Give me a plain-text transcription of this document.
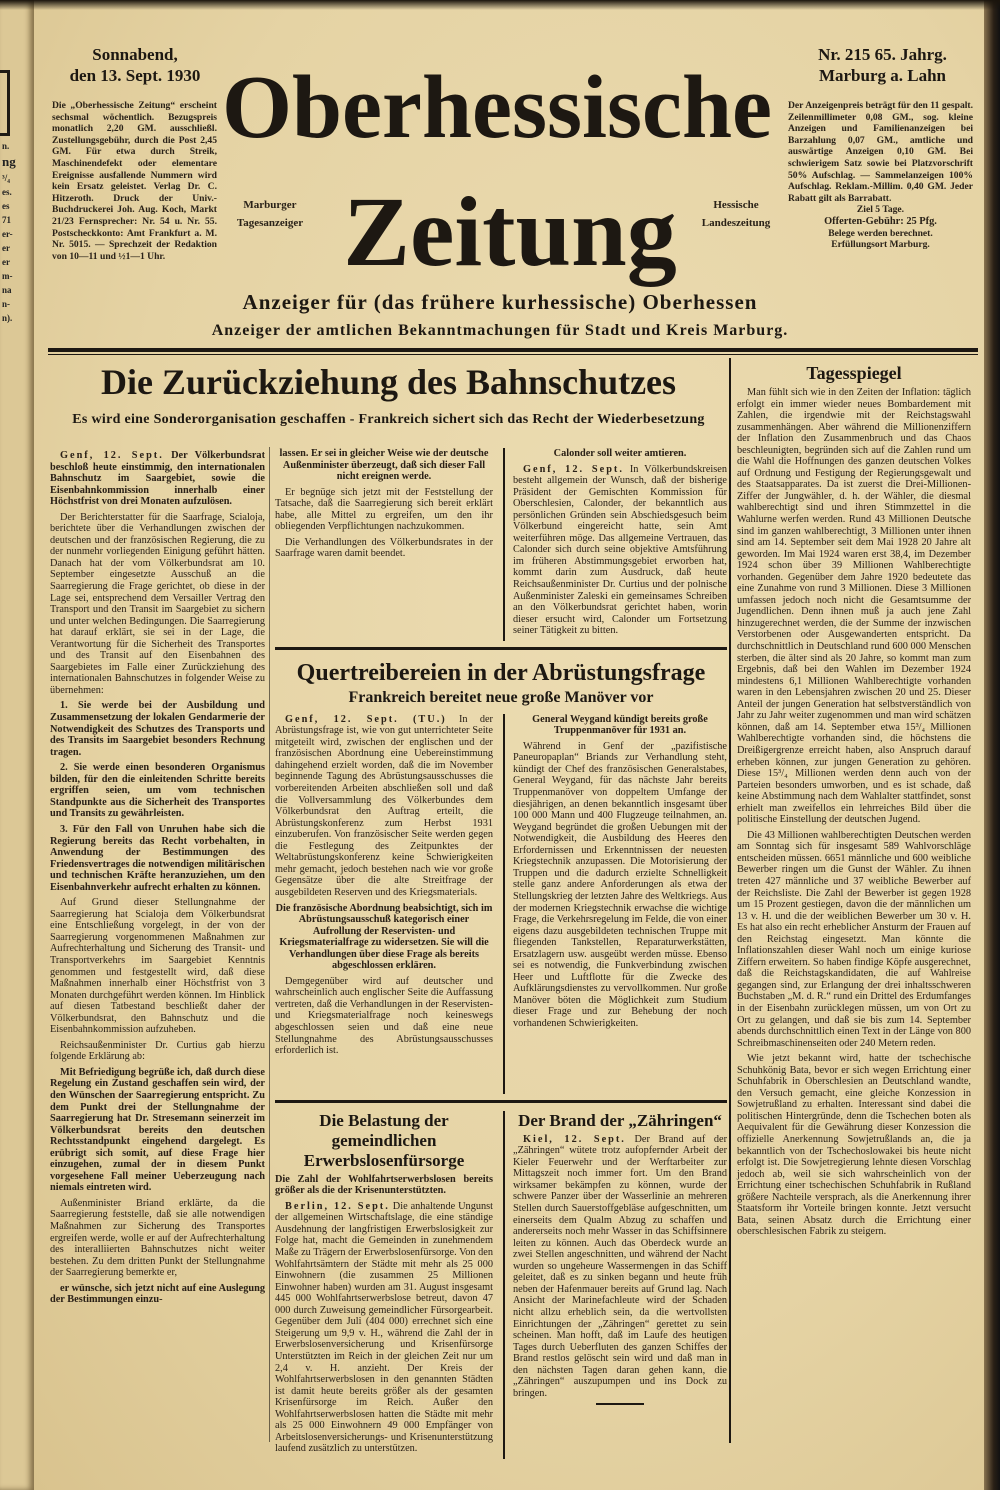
n.
ng
³/₄
es.
es
71
er-
er
er
m-
na
n-
n).
Sonnabend,
den 13. Sept. 1930
Die „Oberhessische Zeitung“ erscheint sechsmal wöchentlich. Bezugspreis monatlich 2,20 GM. ausschließl. Zustellungsgebühr, durch die Post 2,45 GM. Für etwa durch Streik, Maschinendefekt oder elementare Ereignisse ausfallende Nummern wird kein Ersatz geleistet. Verlag Dr. C. Hitzeroth. Druck der Univ.-Buchdruckerei Joh. Aug. Koch, Markt 21/23 Fernsprecher: Nr. 54 u. Nr. 55. Postscheckkonto: Amt Frankfurt a. M. Nr. 5015. — Sprechzeit der Redaktion von 10—11 und ½1—1 Uhr.
Oberhessische
Zeitung
Marburger
Tagesanzeiger
Hessische
Landeszeitung
Nr. 215 65. Jahrg.
Marburg a. Lahn

Der Anzeigenpreis beträgt für den 11 gespalt. Zeilenmillimeter 0,08 GM., sog. kleine Anzeigen und Familienanzeigen bei Barzahlung 0,07 GM., amtliche und auswärtige Anzeigen 0,10 GM. Bei schwierigem Satz sowie bei Platzvorschrift 50% Aufschlag. — Sammelanzeigen 100% Aufschlag. Reklam.-Millim. 0,40 GM. Jeder Rabatt gilt als Barrabatt.

Ziel 5 Tage.

Offerten-Gebühr: 25 Pfg.

Belege werden berechnet.

Erfüllungsort Marburg.

Anzeiger für (das frühere kurhessische) Oberhessen
Anzeiger der amtlichen Bekanntmachungen für Stadt und Kreis Marburg.
Die Zurückziehung des Bahnschutzes
Es wird eine Sonderorganisation geschaffen - Frankreich sichert sich das Recht der Wiederbesetzung

Genf, 12. Sept. Der Völkerbundsrat beschloß heute einstimmig, den internationalen Bahnschutz im Saargebiet, sowie die Eisenbahnkommission innerhalb einer Höchstfrist von drei Monaten aufzulösen.

Der Berichterstatter für die Saarfrage, Scialoja, berichtete über die Verhandlungen zwischen der deutschen und der französischen Regierung, die zu der nunmehr vorliegenden Einigung geführt hätten. Danach hat der vom Völkerbundsrat am 10. September eingesetzte Ausschuß an die Saarregierung die Frage gerichtet, ob diese in der Lage sei, entsprechend dem Versailler Vertrag den Transport und den Transit im Saargebiet zu sichern und unter welchen Bedingungen. Die Saarregierung hat darauf erklärt, sie sei in der Lage, die Verantwortung für die Sicherheit des Transportes und des Transit auf den Eisenbahnen des Saargebietes im Falle einer Zurückziehung des internationalen Bahnschutzes in folgender Weise zu übernehmen:

1. Sie werde bei der Ausbildung und Zusammensetzung der lokalen Gendarmerie der Notwendigkeit des Schutzes des Transports und des Transits im Saargebiet besonders Rechnung tragen.

2. Sie werde einen besonderen Organismus bilden, für den die einleitenden Schritte bereits ergriffen seien, um vom technischen Standpunkte aus die Sicherheit des Transportes und Transits zu gewährleisten.

3. Für den Fall von Unruhen habe sich die Regierung bereits das Recht vorbehalten, in Anwendung der Bestimmungen des Friedensvertrages die notwendigen militärischen und technischen Kräfte heranzuziehen, um den Eisenbahnverkehr aufrecht erhalten zu können.

Auf Grund dieser Stellungnahme der Saarregierung hat Scialoja dem Völkerbundsrat eine Entschließung vorgelegt, in der von der Saarregierung vorgenommenen Maßnahmen zur Aufrechterhaltung und Sicherung des Transit- und Transportverkehrs im Saargebiet Kenntnis genommen und festgestellt wird, daß diese Maßnahmen innerhalb einer Höchstfrist von 3 Monaten durchgeführt werden können. Im Hinblick auf diesen Tatbestand beschließt daher der Völkerbundsrat, den Bahnschutz und die Eisenbahnkommission aufzuheben.

Reichsaußenminister Dr. Curtius gab hierzu folgende Erklärung ab:

Mit Befriedigung begrüße ich, daß durch diese Regelung ein Zustand geschaffen sein wird, der den Wünschen der Saarregierung entspricht. Zu dem Punkt drei der Stellungnahme der Saarregierung hat Dr. Stresemann seinerzeit im Völkerbundsrat bereits den deutschen Rechtsstandpunkt eingehend dargelegt. Es erübrigt sich somit, auf diese Frage hier einzugehen, zumal der in diesem Punkt vorgesehene Fall meiner Ueberzeugung nach niemals eintreten wird.

Außenminister Briand erklärte, da die Saarregierung feststelle, daß sie alle notwendigen Maßnahmen zur Sicherung des Transportes ergreifen werde, wolle er auf der Aufrechterhaltung des interalliierten Bahnschutzes nicht weiter bestehen. Zu dem dritten Punkt der Stellungnahme der Saarregierung bemerkte er,

er wünsche, sich jetzt nicht auf eine Auslegung der Bestimmungen einzu-

lassen. Er sei in gleicher Weise wie der deutsche Außenminister überzeugt, daß sich dieser Fall nicht ereignen werde.

Er begnüge sich jetzt mit der Feststellung der Tatsache, daß die Saarregierung sich bereit erklärt habe, alle Mittel zu ergreifen, um den ihr obliegenden Verpflichtungen nachzukommen.

Die Verhandlungen des Völkerbundsrates in der Saarfrage waren damit beendet.

Calonder soll weiter amtieren.

Genf, 12. Sept. In Völkerbundskreisen besteht allgemein der Wunsch, daß der bisherige Präsident der Gemischten Kommission für Oberschlesien, Calonder, der bekanntlich aus persönlichen Gründen sein Abschiedsgesuch beim Völkerbund eingereicht hatte, sein Amt weiterführen möge. Das allgemeine Vertrauen, das Calonder sich durch seine objektive Amtsführung im früheren Abstimmungsgebiet erworben hat, kommt darin zum Ausdruck, daß heute Reichsaußenminister Dr. Curtius und der polnische Außenminister Zaleski ein gemeinsames Schreiben an den Völkerbundsrat gerichtet haben, worin dieser ersucht wird, Calonder um Fortsetzung seiner Tätigkeit zu bitten.

Quertreibereien in der Abrüstungsfrage
Frankreich bereitet neue große Manöver vor

Genf, 12. Sept. (TU.) In der Abrüstungsfrage ist, wie von gut unterrichteter Seite mitgeteilt wird, zwischen der englischen und der französischen Abordnung eine Uebereinstimmung dahingehend erzielt worden, daß die im November beginnende Tagung des Abrüstungsausschusses die vorbereitenden Arbeiten abschließen soll und daß die Vollversammlung des Völkerbundes dem Völkerbundsrat den Auftrag erteilt, die Abrüstungskonferenz zum Herbst 1931 einzuberufen. Von französischer Seite werden gegen die Festlegung des Zeitpunktes der Weltabrüstungskonferenz keine Schwierigkeiten mehr gemacht, jedoch bestehen nach wie vor große Gegensätze über die alte Streitfrage der ausgebildeten Reserven und des Kriegsmaterials.

Die französische Abordnung beabsichtigt, sich im Abrüstungsausschuß kategorisch einer Aufrollung der Reservisten- und Kriegsmaterialfrage zu widersetzen. Sie will die Verhandlungen über diese Frage als bereits abgeschlossen erklären.

Demgegenüber wird auf deutscher und wahrscheinlich auch englischer Seite die Auffassung vertreten, daß die Verhandlungen in der Reservisten- und Kriegsmaterialfrage noch keineswegs abgeschlossen seien und daß eine neue Stellungnahme des Abrüstungsausschusses erforderlich ist.

General Weygand kündigt bereits große Truppenmanöver für 1931 an.

Während in Genf der „pazifistische Paneuropaplan“ Briands zur Verhandlung steht, kündigt der Chef des französischen Generalstabes, General Weygand, für das nächste Jahr bereits Truppenmanöver von doppeltem Umfange der diesjährigen, an denen bekanntlich insgesamt über 100 000 Mann und 400 Flugzeuge teilnahmen, an. Weygand begründet die großen Uebungen mit der Notwendigkeit, die Ausbildung des Heeres den Erfordernissen und Erkenntnissen der neuesten Kriegstechnik anzupassen. Die Motorisierung der Truppen und die dadurch erzielte Schnelligkeit stelle ganz andere Anforderungen als etwa der Stellungskrieg der letzten Jahre des Weltkriegs. Aus der modernen Kriegstechnik erwachse die wichtige Frage, die Verkehrsregelung im Felde, die von einer eigens dazu ausgebildeten technischen Truppe mit fliegenden Tankstellen, Reparaturwerkstätten, Ersatzlagern usw. ausgeübt werden müsse. Ebenso sei es notwendig, die Funkverbindung zwischen Heer und Luftflotte für die Zwecke des Aufklärungsdienstes zu vervollkommen. Nur große Manöver böten die Möglichkeit zum Studium dieser Frage und zur Behebung der noch vorhandenen Schwierigkeiten.

Die Belastung der gemeindlichen Erwerbslosenfürsorge

Die Zahl der Wohlfahrtserwerbslosen bereits größer als die der Krisenunterstützten.

Berlin, 12. Sept. Die anhaltende Ungunst der allgemeinen Wirtschaftslage, die eine ständige Ausdehnung der langfristigen Erwerbslosigkeit zur Folge hat, macht die Gemeinden in zunehmendem Maße zu Trägern der Erwerbslosenfürsorge. Von den Wohlfahrtsämtern der Städte mit mehr als 25 000 Einwohnern (die zusammen 25 Millionen Einwohner haben) wurden am 31. August insgesamt 445 000 Wohlfahrtserwerbslose betreut, davon 47 000 durch Zuweisung gemeindlicher Fürsorgearbeit. Gegenüber dem Juli (404 000) errechnet sich eine Steigerung um 9,9 v. H., während die Zahl der in Erwerbslosenversicherung und Krisenfürsorge Unterstützten im Reich in der gleichen Zeit nur um 2,4 v. H. anzieht. Der Kreis der Wohlfahrtserwerbslosen in den genannten Städten ist damit heute bereits größer als der gesamten Krisenfürsorge im Reich. Außer den Wohlfahrtserwerbslosen hatten die Städte mit mehr als 25 000 Einwohnern 49 000 Empfänger von Arbeitslosenversicherungs- und Krisenunterstützung laufend zusätzlich zu unterstützen.

Der Brand der „Zähringen“

Kiel, 12. Sept. Der Brand auf der „Zähringen“ wütete trotz aufopfernder Arbeit der Kieler Feuerwehr und der Werftarbeiter zur Mittagszeit noch immer fort. Um den Brand wirksamer bekämpfen zu können, wurde der schwere Panzer über der Wasserlinie an mehreren Stellen durch Sauerstoffgebläse aufgeschnitten, um einerseits dem Qualm Abzug zu schaffen und andererseits noch mehr Wasser in das Schiffsinnere leiten zu können. Auch das Oberdeck wurde an zwei Stellen angeschnitten, und während der Nacht wurden so ungeheure Wassermengen in das Schiff geleitet, daß es zu sinken begann und heute früh neben der Hafenmauer bereits auf Grund lag. Nach Ansicht der Marinefachleute wird der Schaden nicht allzu erheblich sein, da die wertvollsten Einrichtungen der „Zähringen“ gerettet zu sein scheinen. Man hofft, daß im Laufe des heutigen Tages durch Ueberfluten des ganzen Schiffes der Brand restlos gelöscht sein wird und daß man in den nächsten Tagen daran gehen kann, die „Zähringen“ auszupumpen und ins Dock zu bringen.

Tagesspiegel

Man fühlt sich wie in den Zeiten der Inflation: täglich erfolgt ein immer wieder neues Bombardement mit Zahlen, die irgendwie mit der Reichstagswahl zusammenhängen. Aber während die Millionenziffern der Inflation den Zusammenbruch und das Chaos beschleunigten, begründen sich auf die Zahlen rund um die Wahl die Hoffnungen des ganzen deutschen Volkes auf Ordnung und Festigung der Regierungsgewalt und des Staatsapparates. Da ist zuerst die Drei-Millionen-Ziffer der Jungwähler, d. h. der Wähler, die diesmal wahlberechtigt sind und ihren Stimmzettel in die Wahlurne werfen werden. Rund 43 Millionen Deutsche sind im ganzen wahlberechtigt, 3 Millionen unter ihnen sind am 14. September seit dem Mai 1928 20 Jahre alt geworden. Im Mai 1924 waren erst 38,4, im Dezember 1924 schon über 39 Millionen Wahlberechtigte vorhanden. Gegenüber dem Jahre 1920 bedeutete das eine Zunahme von rund 3 Millionen. Diese 3 Millionen umfassen jedoch noch nicht die Gesamtsumme der Jugendlichen. Denn ihnen muß ja auch jene Zahl hinzugerechnet werden, die der Summe der inzwischen Verstorbenen oder Ausgewanderten entspricht. Da durchschnittlich in Deutschland rund 600 000 Menschen sterben, die älter sind als 20 Jahre, so kommt man zum Ergebnis, daß bei den Wahlen im Dezember 1924 mindestens 6,1 Millionen Wahlberechtigte vorhanden waren in den Lebensjahren zwischen 20 und 25. Dieser Anteil der jungen Generation hat selbstverständlich von Jahr zu Jahr weiter zugenommen und man wird schätzen können, daß am 14. September etwa 15³/₄ Millionen Wahlberechtigte vorhanden sind, die höchstens die Dreißigergrenze erreicht haben, also Anspruch darauf erheben können, zur jungen Generation zu gehören. Diese 15³/₄ Millionen werden denn auch von der Parteien besonders umworben, und es ist schade, daß keine Abstimmung nach dem Wahlalter stattfindet, sonst erhielt man zweifellos ein lehrreiches Bild über die politische Einstellung der deutschen Jugend.

Die 43 Millionen wahlberechtigten Deutschen werden am Sonntag sich für insgesamt 589 Wahlvorschläge entscheiden müssen. 6651 männliche und 600 weibliche Bewerber ringen um die Gunst der Wähler. Zu ihnen treten 427 männliche und 37 weibliche Bewerber auf der Reichsliste. Die Zahl der Bewerber ist gegen 1928 um 15 Prozent gestiegen, davon die der männlichen um 13 v. H. und die der weiblichen Bewerber um 30 v. H. Es hat also ein recht erheblicher Ansturm der Frauen auf den Reichstag eingesetzt. Man könnte die Inflationszahlen dieser Wahl noch um einige kuriose Ziffern erweitern. So haben findige Köpfe ausgerechnet, daß die Reichstagskandidaten, die auf Wahlreise gegangen sind, zur Erlangung der drei inhaltsschweren Buchstaben „M. d. R.“ rund ein Drittel des Erdumfanges in der Eisenbahn zurücklegen müssen, um von Ort zu Ort zu gelangen, und daß sie bis zum 14. September abends durchschnittlich einen Text in der Länge von 800 Schreibmaschinenseiten oder 240 Metern reden.

Wie jetzt bekannt wird, hatte der tschechische Schuhkönig Bata, bevor er sich wegen Errichtung einer Schuhfabrik in Oberschlesien an Deutschland wandte, den Versuch gemacht, eine gleiche Konzession in Sowjetrußland zu erhalten. Interessant sind dabei die politischen Hintergründe, denn die Tschechen boten als Aequivalent für die Gewährung dieser Konzession die offizielle Anerkennung Sowjetrußlands an, die ja bekanntlich von der Tschechoslowakei bis heute nicht erfolgt ist. Die Sowjetregierung lehnte diesen Vorschlag jedoch ab, weil sie sich wahrscheinlich von der Errichtung einer tschechischen Schuhfabrik in Rußland größere Nachteile versprach, als die Anerkennung ihrer Staatsform ihr Vorteile bringen konnte. Jetzt versucht Bata, seinen Absatz durch die Errichtung einer oberschlesischen Fabrik zu steigern.
